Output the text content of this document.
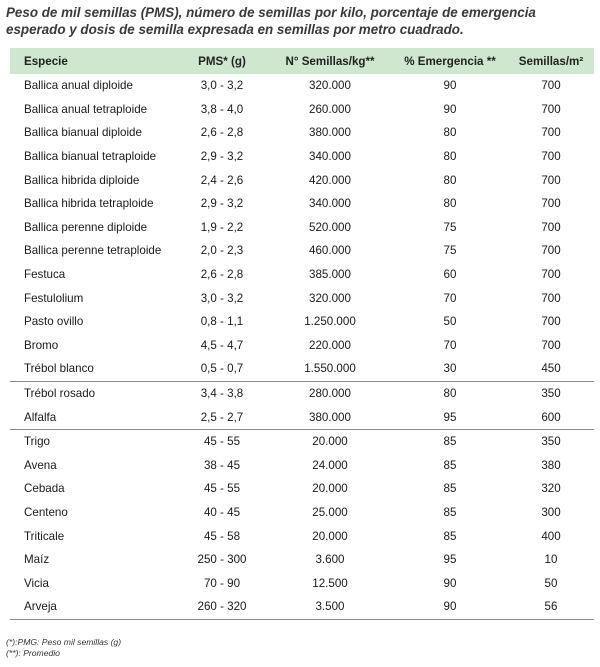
Peso de mil semillas (PMS), número de semillas por kilo, porcentaje de emergencia esperado y dosis de semilla expresada en semillas por metro cuadrado.
Especie	PMS* (g)	N° Semillas/kg**	% Emergencia **	Semillas/m²
Ballica anual diploide	3,0 - 3,2	320.000	90	700
Ballica anual tetraploide	3,8 - 4,0	260.000	90	700
Ballica bianual diploide	2,6 - 2,8	380.000	80	700
Ballica bianual tetraploide	2,9 - 3,2	340.000	80	700
Ballica hibrida diploide	2,4 - 2,6	420.000	80	700
Ballica hibrida tetraploide	2,9 - 3,2	340.000	80	700
Ballica perenne diploide	1,9 - 2,2	520.000	75	700
Ballica perenne tetraploide	2,0 - 2,3	460.000	75	700
Festuca	2,6 - 2,8	385.000	60	700
Festulolium	3,0 - 3,2	320.000	70	700
Pasto ovillo	0,8 - 1,1	1.250.000	50	700
Bromo	4,5 - 4,7	220.000	70	700
Trébol blanco	0,5 - 0,7	1.550.000	30	450
Trébol rosado	3,4 - 3,8	280.000	80	350
Alfalfa	2,5 - 2,7	380.000	95	600
Trigo	45 - 55	20.000	85	350
Avena	38 - 45	24.000	85	380
Cebada	45 - 55	20.000	85	320
Centeno	40 - 45	25.000	85	300
Triticale	45 - 58	20.000	85	400
Maíz	250 - 300	3.600	95	10
Vicia	70 - 90	12.500	90	50
Arveja	260 - 320	3.500	90	56
(*):PMG: Peso mil semillas (g)
(**): Promedio
